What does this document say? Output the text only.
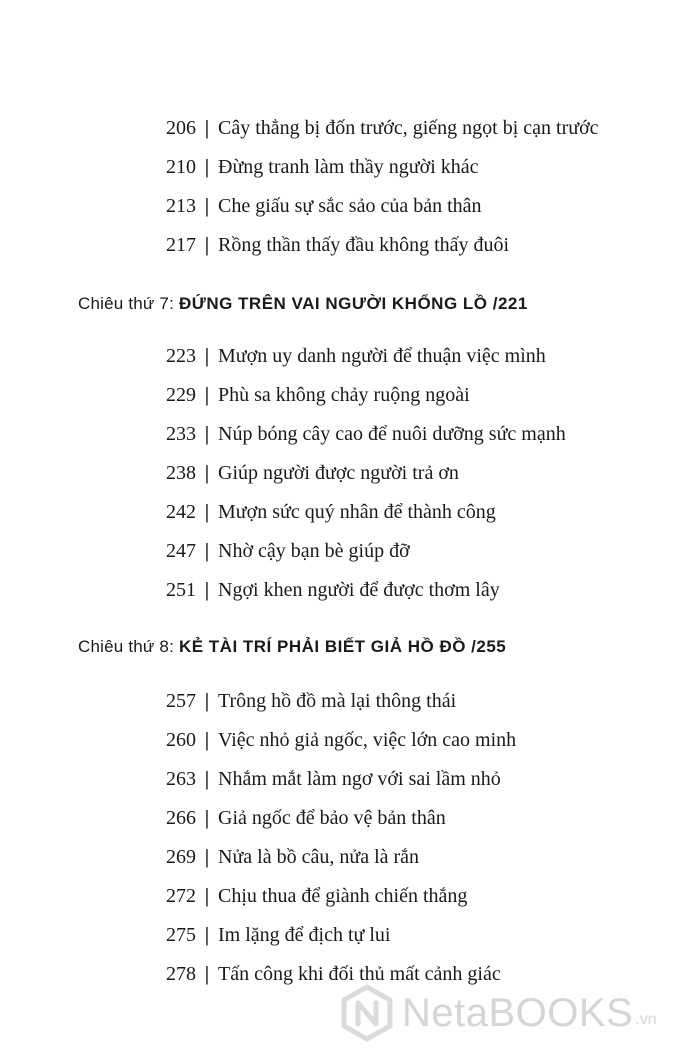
206 | Cây thẳng bị đốn trước, giếng ngọt bị cạn trước
210 | Đừng tranh làm thầy người khác
213 | Che giấu sự sắc sảo của bản thân
217 | Rồng thần thấy đầu không thấy đuôi
Chiêu thứ 7: ĐỨNG TRÊN VAI NGƯỜI KHỔNG LỒ /221
223 | Mượn uy danh người để thuận việc mình
229 | Phù sa không chảy ruộng ngoài
233 | Núp bóng cây cao để nuôi dưỡng sức mạnh
238 | Giúp người được người trả ơn
242 | Mượn sức quý nhân để thành công
247 | Nhờ cậy bạn bè giúp đỡ
251 | Ngợi khen người để được thơm lây
Chiêu thứ 8: KẺ TÀI TRÍ PHẢI BIẾT GIẢ HỒ ĐỒ /255
257 | Trông hồ đồ mà lại thông thái
260 | Việc nhỏ giả ngốc, việc lớn cao minh
263 | Nhắm mắt làm ngơ với sai lầm nhỏ
266 | Giả ngốc để bảo vệ bản thân
269 | Nửa là bồ câu, nửa là rắn
272 | Chịu thua để giành chiến thắng
275 | Im lặng để địch tự lui
278 | Tấn công khi đối thủ mất cảnh giác
NetaBOOKS .vn
